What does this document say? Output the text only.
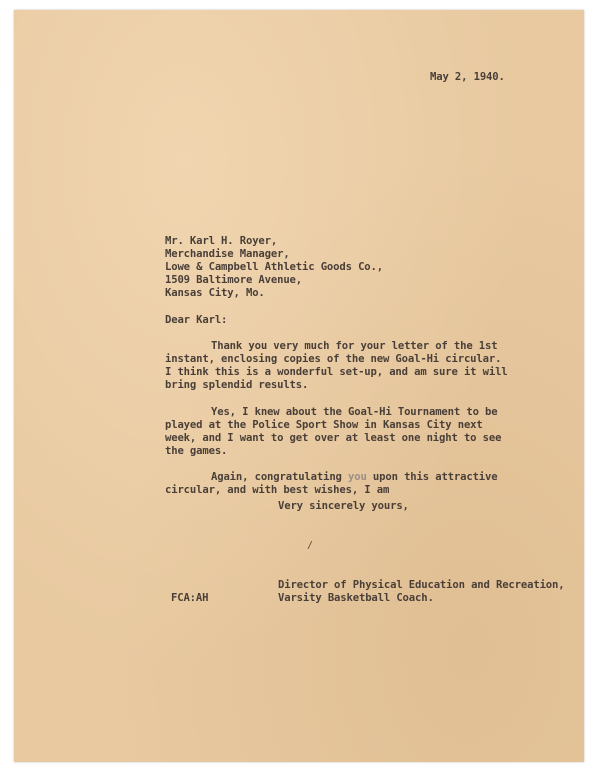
May 2, 1940.
Mr. Karl H. Royer,
Merchandise Manager,
Lowe & Campbell Athletic Goods Co.,
1509 Baltimore Avenue,
Kansas City, Mo.
Dear Karl:
Thank you very much for your letter of the 1st
instant, enclosing copies of the new Goal-Hi circular.
I think this is a wonderful set-up, and am sure it will
bring splendid results.
Yes, I knew about the Goal-Hi Tournament to be
played at the Police Sport Show in Kansas City next
week, and I want to get over at least one night to see
the games.
Again, congratulating you upon this attractive
circular, and with best wishes, I am
Very sincerely yours,
/
Director of Physical Education and Recreation,
Varsity Basketball Coach.
FCA:AH
